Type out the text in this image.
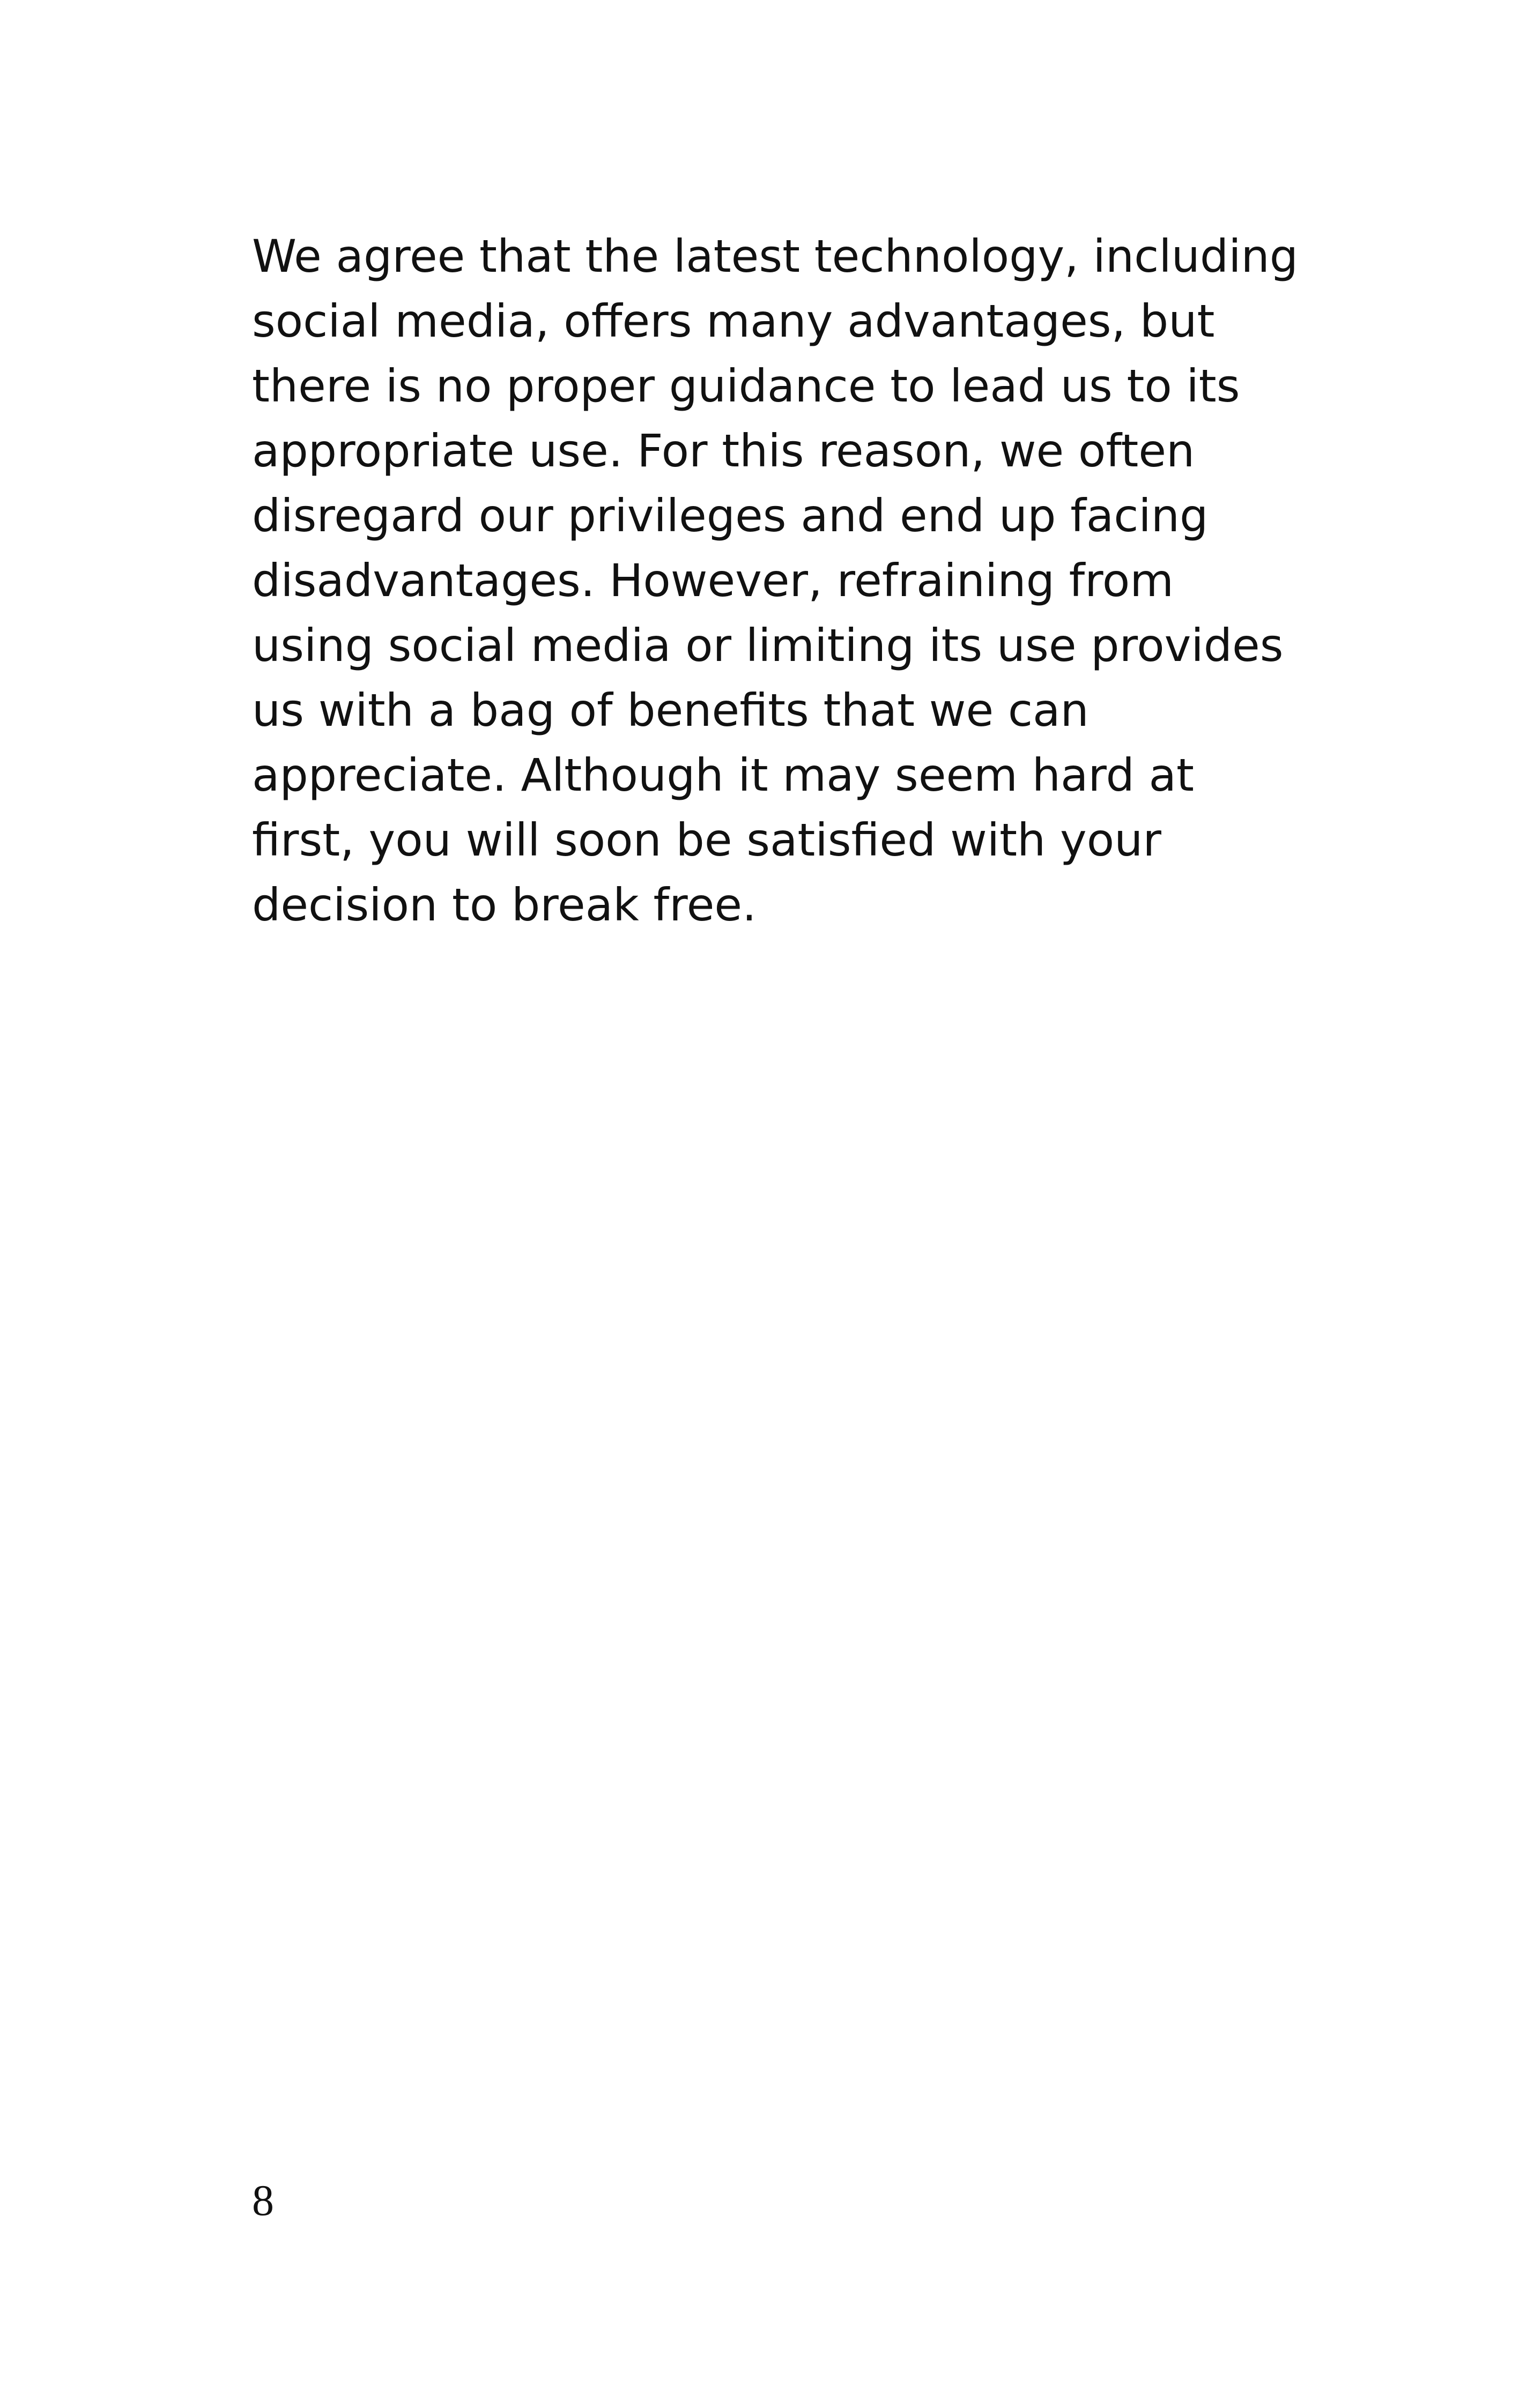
We agree that the latest technology, including
social media, offers many advantages, but
there is no proper guidance to lead us to its
appropriate use. For this reason, we often
disregard our privileges and end up facing
disadvantages. However, refraining from
using social media or limiting its use provides
us with a bag of benefits that we can
appreciate. Although it may seem hard at
first, you will soon be satisfied with your
decision to break free.
8
